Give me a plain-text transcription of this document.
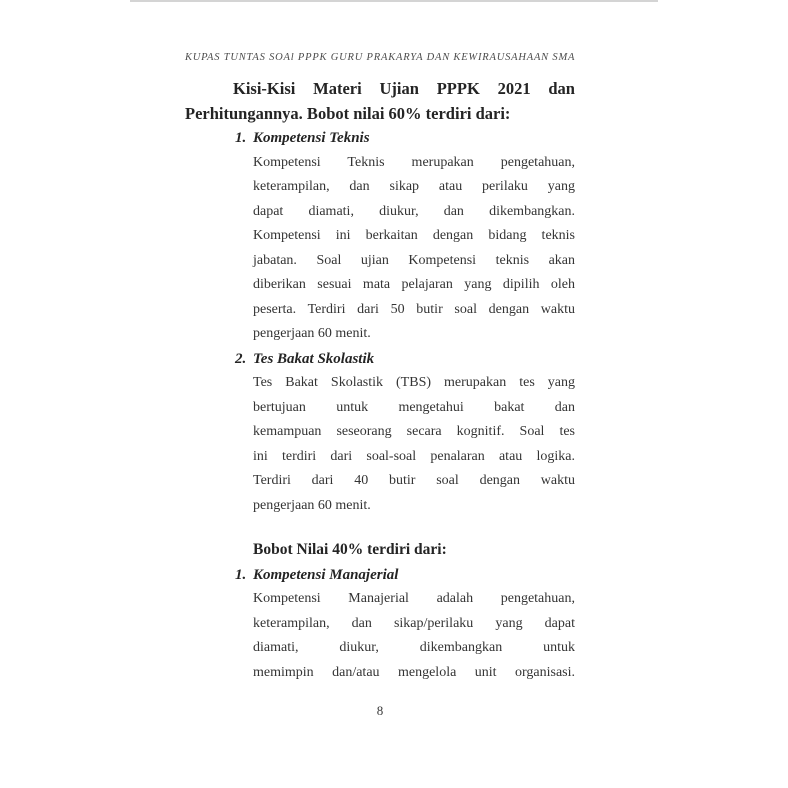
KUPAS TUNTAS SOAl PPPK GURU PRAKARYA DAN KEWIRAUSAHAAN SMA
Kisi-Kisi Materi Ujian PPPK 2021 dan
Perhitungannya. Bobot nilai 60% terdiri dari:
1. Kompetensi Teknis
Kompetensi Teknis merupakan pengetahuan,
keterampilan, dan sikap atau perilaku yang
dapat diamati, diukur, dan dikembangkan.
Kompetensi ini berkaitan dengan bidang teknis
jabatan. Soal ujian Kompetensi teknis akan
diberikan sesuai mata pelajaran yang dipilih oleh
peserta. Terdiri dari 50 butir soal dengan waktu
pengerjaan 60 menit.
2. Tes Bakat Skolastik
Tes Bakat Skolastik (TBS) merupakan tes yang
bertujuan untuk mengetahui bakat dan
kemampuan seseorang secara kognitif. Soal tes
ini terdiri dari soal-soal penalaran atau logika.
Terdiri dari 40 butir soal dengan waktu
pengerjaan 60 menit.
Bobot Nilai 40% terdiri dari:
1. Kompetensi Manajerial
Kompetensi Manajerial adalah pengetahuan,
keterampilan, dan sikap/perilaku yang dapat
diamati, diukur, dikembangkan untuk
memimpin dan/atau mengelola unit organisasi.
8
